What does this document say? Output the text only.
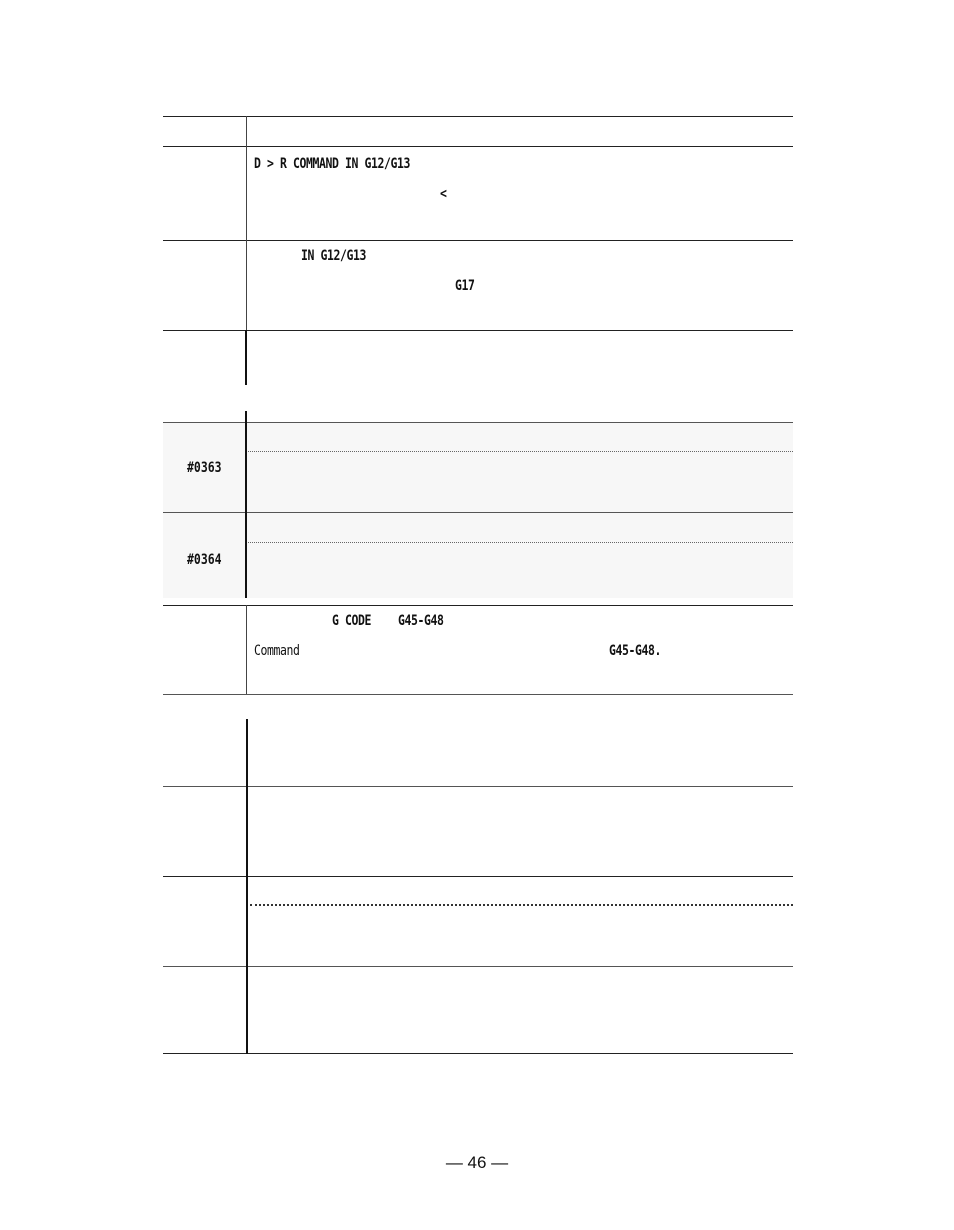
D > R COMMAND IN G12/G13
<
IN G12/G13
G17
#0363
#0364
G CODE G45-G48
Command	G45-G48.
— 46 —
